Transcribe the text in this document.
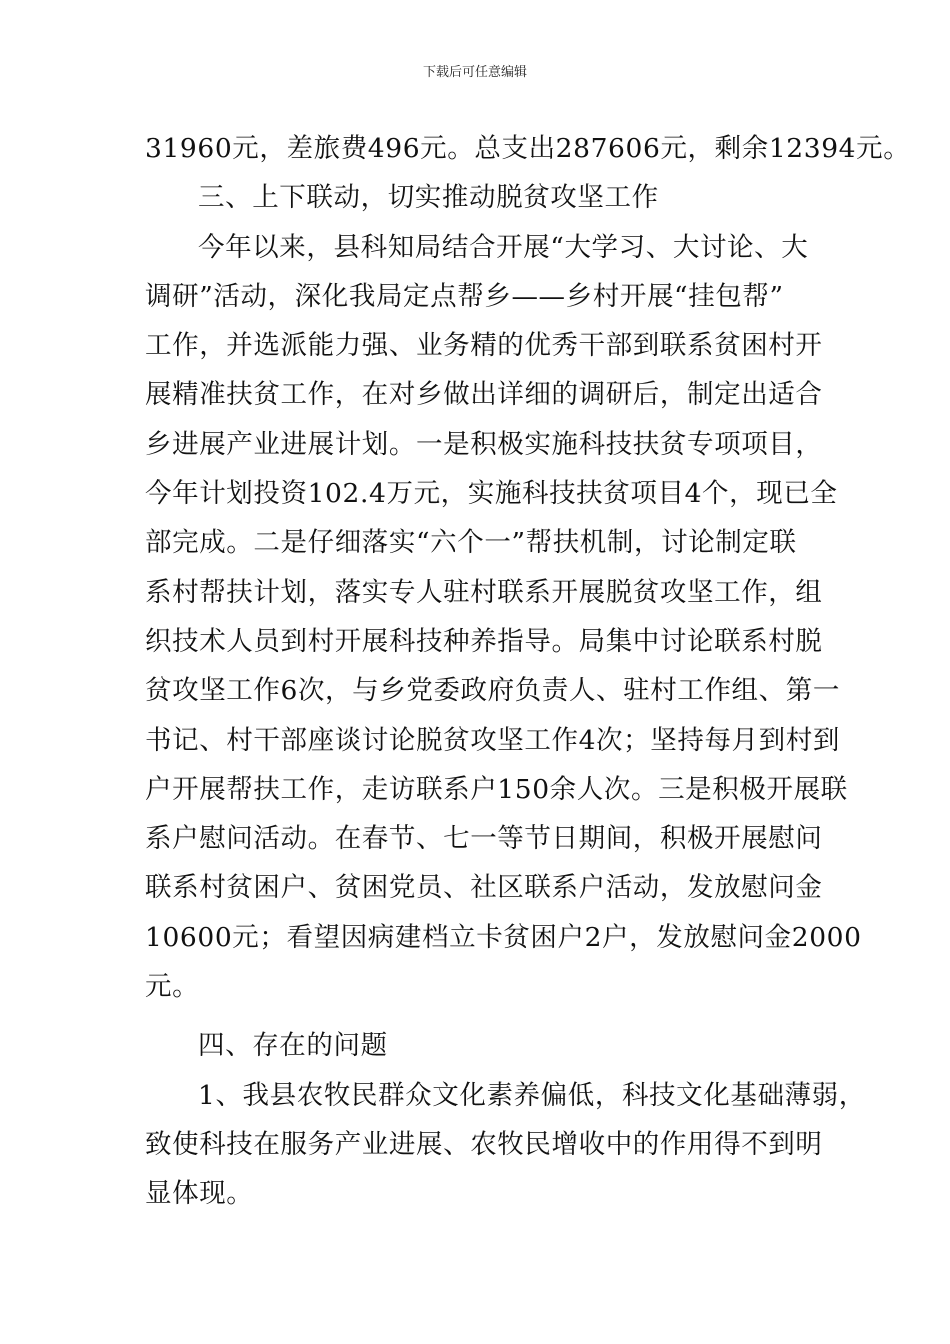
下载后可任意编辑
31960元，差旅费496元。总支出287606元，剩余12394元。
三、上下联动，切实推动脱贫攻坚工作
今年以来，县科知局结合开展“大学习、大讨论、大
调研”活动，深化我局定点帮乡——乡村开展“挂包帮”
工作，并选派能力强、业务精的优秀干部到联系贫困村开
展精准扶贫工作，在对乡做出详细的调研后，制定出适合
乡进展产业进展计划。一是积极实施科技扶贫专项项目，
今年计划投资102.4万元，实施科技扶贫项目4个，现已全
部完成。二是仔细落实“六个一”帮扶机制，讨论制定联
系村帮扶计划，落实专人驻村联系开展脱贫攻坚工作，组
织技术人员到村开展科技种养指导。局集中讨论联系村脱
贫攻坚工作6次，与乡党委政府负责人、驻村工作组、第一
书记、村干部座谈讨论脱贫攻坚工作4次；坚持每月到村到
户开展帮扶工作，走访联系户150余人次。三是积极开展联
系户慰问活动。在春节、七一等节日期间，积极开展慰问
联系村贫困户、贫困党员、社区联系户活动，发放慰问金
10600元；看望因病建档立卡贫困户2户，发放慰问金2000
元。
四、存在的问题
1、我县农牧民群众文化素养偏低，科技文化基础薄弱，
致使科技在服务产业进展、农牧民增收中的作用得不到明
显体现。
